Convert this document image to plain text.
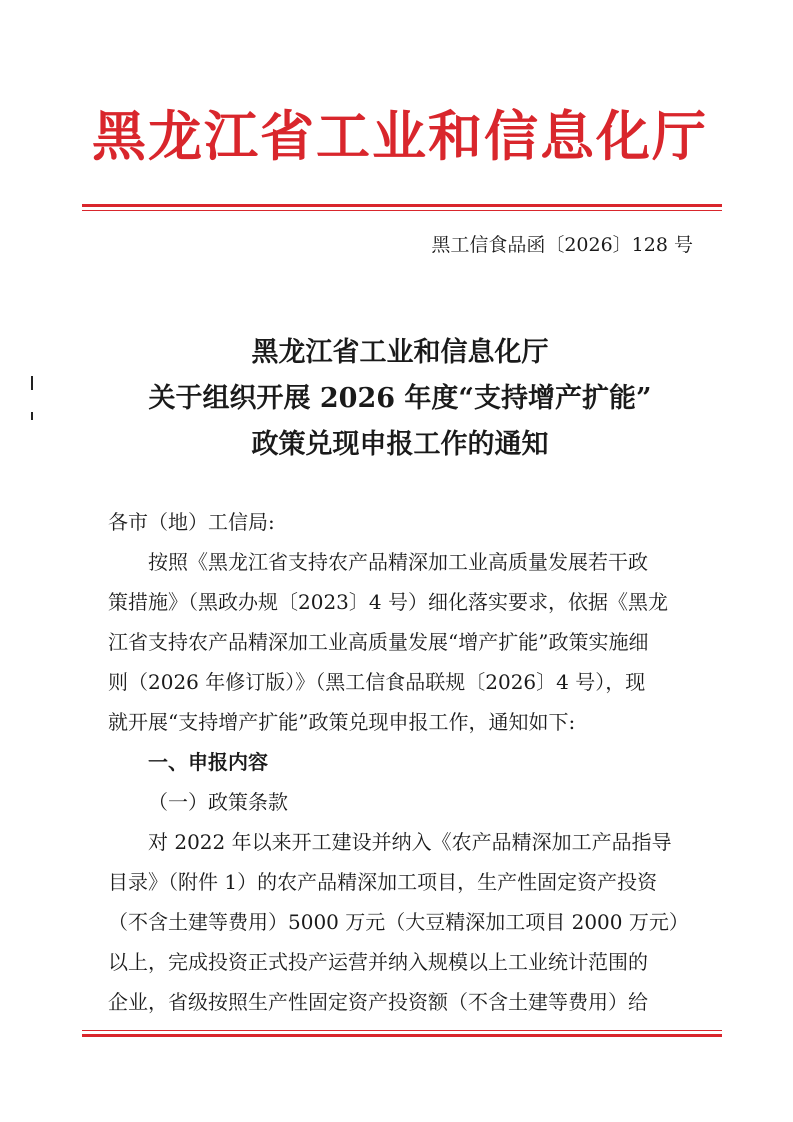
黑龙江省工业和信息化厅
黑工信食品函〔2026〕128 号
黑龙江省工业和信息化厅
关于组织开展 2026 年度“支持增产扩能”
政策兑现申报工作的通知
各市（地）工信局:
按照《黑龙江省支持农产品精深加工业高质量发展若干政
策措施》（黑政办规〔2023〕4 号）细化落实要求，依据《黑龙
江省支持农产品精深加工业高质量发展“增产扩能”政策实施细
则（2026 年修订版）》（黑工信食品联规〔2026〕4 号），现
就开展“支持增产扩能”政策兑现申报工作，通知如下:
一、申报内容
（一）政策条款
对 2022 年以来开工建设并纳入《农产品精深加工产品指导
目录》（附件 1）的农产品精深加工项目，生产性固定资产投资
（不含土建等费用）5000 万元（大豆精深加工项目 2000 万元）
以上，完成投资正式投产运营并纳入规模以上工业统计范围的
企业，省级按照生产性固定资产投资额（不含土建等费用）给
